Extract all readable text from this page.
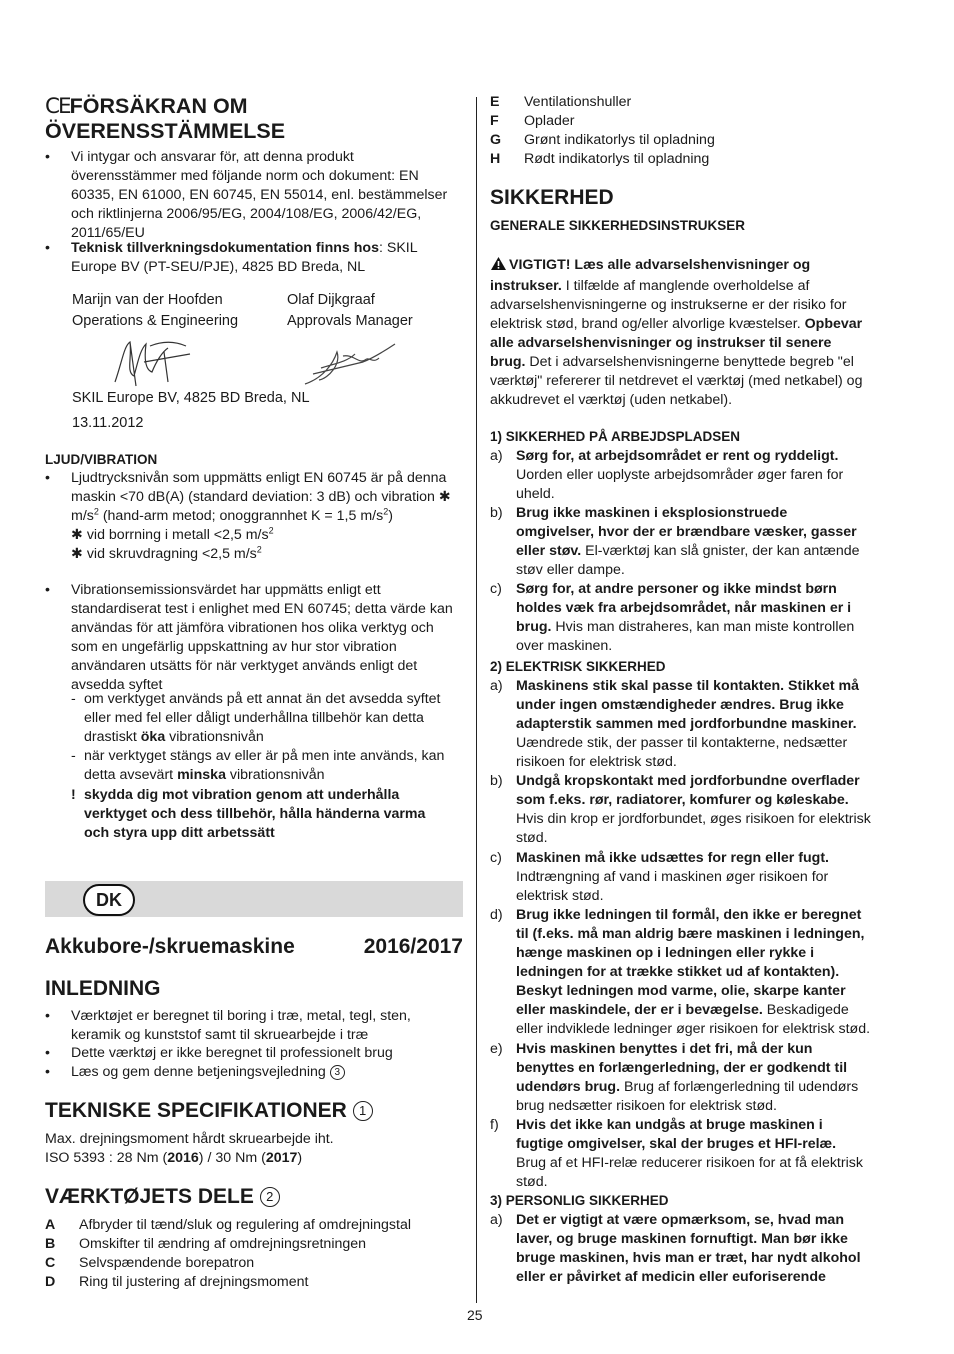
CEFÖRSÄKRAN OM
ÖVERENSSTÄMMELSE
• Vi intygar och ansvarar för, att denna produkt överensstämmer med följande norm och dokument: EN 60335, EN 61000, EN 60745, EN 55014, enl. bestämmelser och riktlinjerna 2006/95/EG, 2004/108/EG, 2006/42/EG, 2011/65/EU
• Teknisk tillverkningsdokumentation finns hos: SKIL Europe BV (PT-SEU/PJE), 4825 BD Breda, NL
Marijn van der Hoofden
Operations & Engineering
Olaf Dijkgraaf
Approvals Manager
SKIL Europe BV, 4825 BD Breda, NL
13.11.2012
LJUD/VIBRATION
• Ljudtrycksnivån som uppmätts enligt EN 60745 är på denna maskin <70 dB(A) (standard deviation: 3 dB) och vibration ✱ $m/s^2$ (hand-arm metod; onoggrannhet K = 1,5 $m/s^2$)
✱ vid borrning i metall <2,5 $m/s^2$
✱ vid skruvdragning <2,5 $m/s^2$
• Vibrationsemissionsvärdet har uppmätts enligt ett standardiserat test i enlighet med EN 60745; detta värde kan användas för att jämföra vibrationen hos olika verktyg och som en ungefärlig uppskattning av hur stor vibration användaren utsätts för när verktyget används enligt det avsedda syftet
- om verktyget används på ett annat än det avsedda syftet eller med fel eller dåligt underhållna tillbehör kan detta drastiskt öka vibrationsnivån
- när verktyget stängs av eller är på men inte används, kan detta avsevärt minska vibrationsnivån
! skydda dig mot vibration genom att underhålla verktyget och dess tillbehör, hålla händerna varma och styra upp ditt arbetssätt
DK
Akkubore-/skruemaskine	2016/2017
INLEDNING
• Værktøjet er beregnet til boring i træ, metal, tegl, sten, keramik og kunststof samt til skruearbejde i træ
• Dette værktøj er ikke beregnet til professionelt brug
• Læs og gem denne betjeningsvejledning 3
TEKNISKE SPECIFIKATIONER 1
Max. drejningsmoment hårdt skruearbejde iht.
ISO 5393 : 28 Nm (2016) / 30 Nm (2017)
VÆRKTØJETS DELE 2
A Afbryder til tænd/sluk og regulering af omdrejningstal
B Omskifter til ændring af omdrejningsretningen
C Selvspændende borepatron
D Ring til justering af drejningsmoment
E Ventilationshuller
F Oplader
G Grønt indikatorlys til opladning
H Rødt indikatorlys til opladning
SIKKERHED
GENERALE SIKKERHEDSINSTRUKSER
VIGTIGT! Læs alle advarselshenvisninger og
instrukser. I tilfælde af manglende overholdelse af
advarselshenvisningerne og instrukserne er der risiko for
elektrisk stød, brand og/eller alvorlige kvæstelser. Opbevar
alle advarselshenvisninger og instrukser til senere
brug. Det i advarselshenvisningerne benyttede begreb "el
værktøj" refererer til netdrevet el værktøj (med netkabel) og
akkudrevet el værktøj (uden netkabel).
1) SIKKERHED PÅ ARBEJDSPLADSEN
2) ELEKTRISK SIKKERHED
3) PERSONLIG SIKKERHED
a) Sørg for, at arbejdsområdet er rent og ryddeligt.
Uorden eller uoplyste arbejdsområder øger faren for
uheld.
b) Brug ikke maskinen i eksplosionstruede
omgivelser, hvor der er brændbare væsker, gasser
eller støv. El-værktøj kan slå gnister, der kan antænde
støv eller dampe.
c) Sørg for, at andre personer og ikke mindst børn
holdes væk fra arbejdsområdet, når maskinen er i
brug. Hvis man distraheres, kan man miste kontrollen
over maskinen.
a) Maskinens stik skal passe til kontakten. Stikket må
under ingen omstændigheder ændres. Brug ikke
adapterstik sammen med jordforbundne maskiner.
Uændrede stik, der passer til kontakterne, nedsætter
risikoen for elektrisk stød.
b) Undgå kropskontakt med jordforbundne overflader
som f.eks. rør, radiatorer, komfurer og køleskabe.
Hvis din krop er jordforbundet, øges risikoen for elektrisk
stød.
c) Maskinen må ikke udsættes for regn eller fugt.
Indtrængning af vand i maskinen øger risikoen for
elektrisk stød.
d) Brug ikke ledningen til formål, den ikke er beregnet
til (f.eks. må man aldrig bære maskinen i ledningen,
hænge maskinen op i ledningen eller rykke i
ledningen for at trække stikket ud af kontakten).
Beskyt ledningen mod varme, olie, skarpe kanter
eller maskindele, der er i bevægelse. Beskadigede
eller indviklede ledninger øger risikoen for elektrisk stød.
e) Hvis maskinen benyttes i det fri, må der kun
benyttes en forlængerledning, der er godkendt til
udendørs brug. Brug af forlængerledning til udendørs
brug nedsætter risikoen for elektrisk stød.
f) Hvis det ikke kan undgås at bruge maskinen i
fugtige omgivelser, skal der bruges et HFI-relæ.
Brug af et HFI-relæ reducerer risikoen for at få elektrisk
stød.
a) Det er vigtigt at være opmærksom, se, hvad man
laver, og bruge maskinen fornuftigt. Man bør ikke
bruge maskinen, hvis man er træt, har nydt alkohol
eller er påvirket af medicin eller euforiserende
25
